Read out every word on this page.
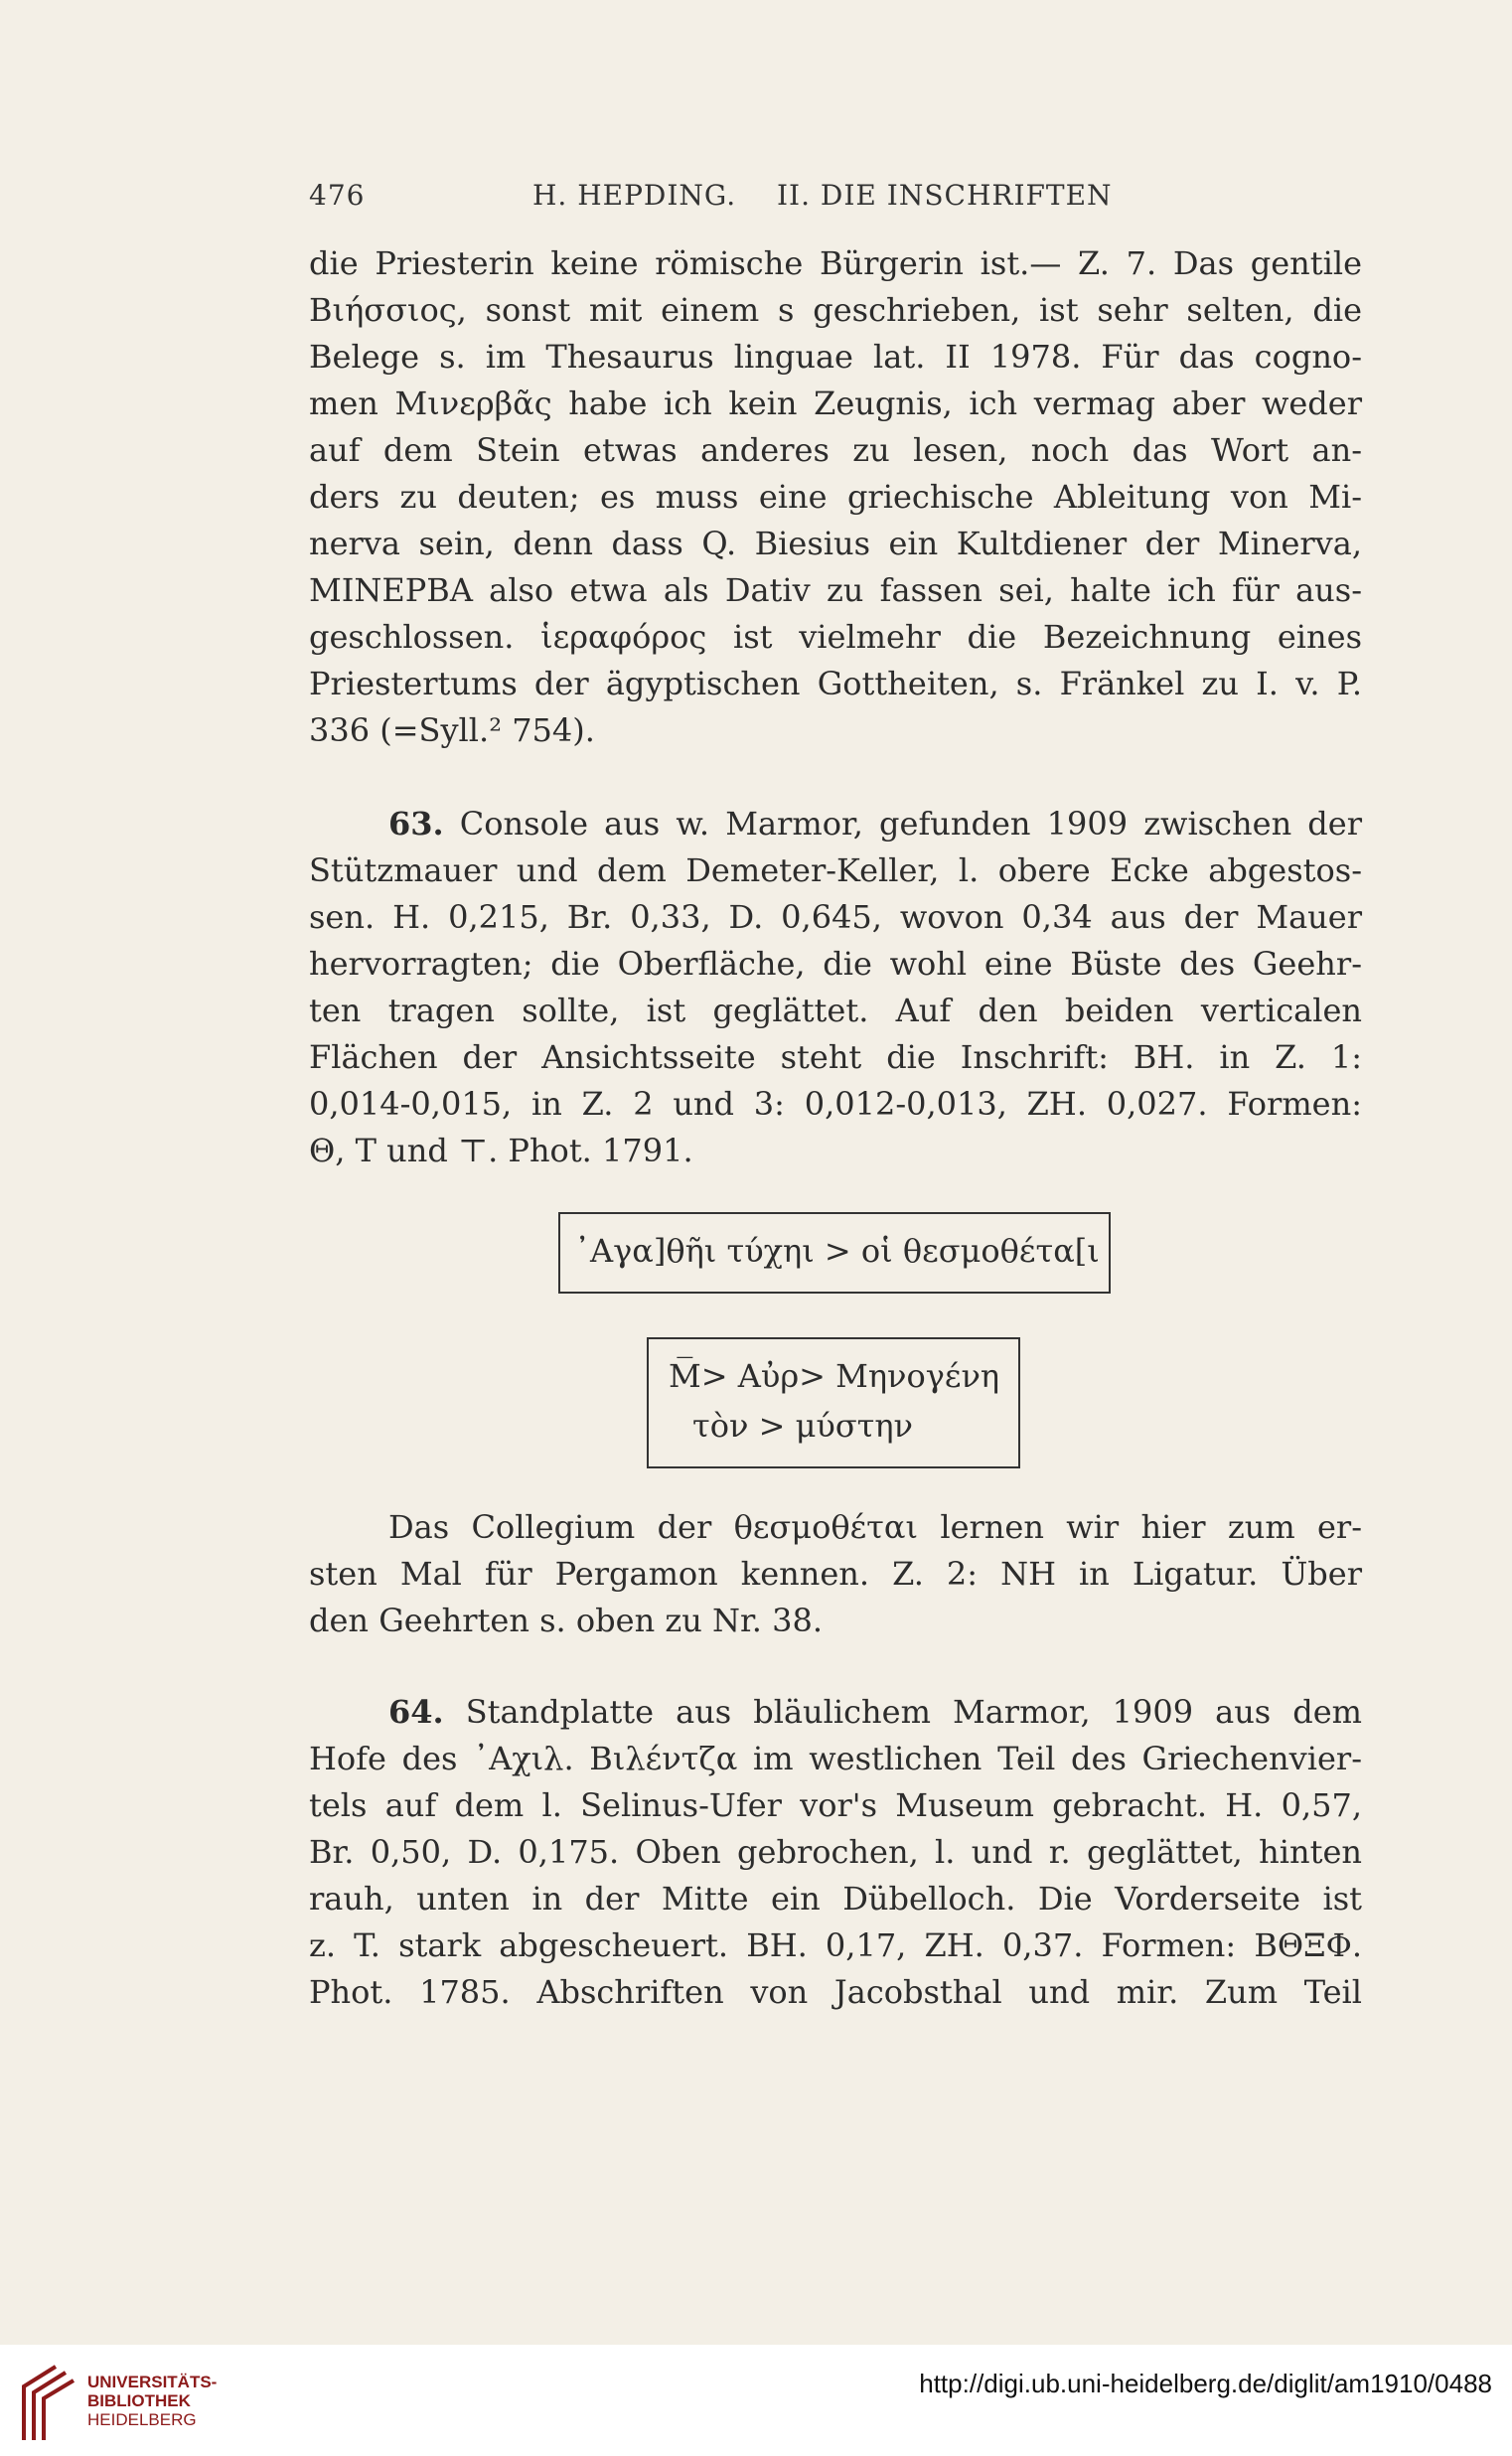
476	H. HEPDING. II. DIE INSCHRIFTEN
die Priesterin keine römische Bürgerin ist.— Z. 7. Das gentile
Βιήσσιος, sonst mit einem s geschrieben, ist sehr selten, die
Belege s. im Thesaurus linguae lat. II 1978. Für das cogno-
men Μινερβᾶς habe ich kein Zeugnis, ich vermag aber weder
auf dem Stein etwas anderes zu lesen, noch das Wort an-
ders zu deuten; es muss eine griechische Ableitung von Mi-
nerva sein, denn dass Q. Biesius ein Kultdiener der Minerva,
MINEPBA also etwa als Dativ zu fassen sei, halte ich für aus-
geschlossen. ἱεραφόρος ist vielmehr die Bezeichnung eines
Priestertums der ägyptischen Gottheiten, s. Fränkel zu I. v. P.
336 (=Syll.² 754).
63. Console aus w. Marmor, gefunden 1909 zwischen der
Stützmauer und dem Demeter-Keller, l. obere Ecke abgestos-
sen. H. 0,215, Br. 0,33, D. 0,645, wovon 0,34 aus der Mauer
hervorragten; die Oberfläche, die wohl eine Büste des Geehr-
ten tragen sollte, ist geglättet. Auf den beiden verticalen
Flächen der Ansichtsseite steht die Inschrift: BH. in Z. 1:
0,014-0,015, in Z. 2 und 3: 0,012-0,013, ZH. 0,027. Formen:
Θ, T und ⊤. Phot. 1791.
᾿Αγα]θῆι τύχηι > οἱ θεσμοθέτα[ι
M̅> Αὐρ> Μηνογένη
τὸν > μύστην
Das Collegium der θεσμοθέται lernen wir hier zum er-
sten Mal für Pergamon kennen. Z. 2: ΝΗ in Ligatur. Über
den Geehrten s. oben zu Nr. 38.
64. Standplatte aus bläulichem Marmor, 1909 aus dem
Hofe des ᾿Αχιλ. Βιλέντζα im westlichen Teil des Griechenvier-
tels auf dem l. Selinus-Ufer vor's Museum gebracht. H. 0,57,
Br. 0,50, D. 0,175. Oben gebrochen, l. und r. geglättet, hinten
rauh, unten in der Mitte ein Dübelloch. Die Vorderseite ist
z. T. stark abgescheuert. BH. 0,17, ZH. 0,37. Formen: ΒΘΞΦ.
Phot. 1785. Abschriften von Jacobsthal und mir. Zum Teil
UNIVERSITÄTS-
BIBLIOTHEK
HEIDELBERG
http://digi.ub.uni-heidelberg.de/diglit/am1910/0488
